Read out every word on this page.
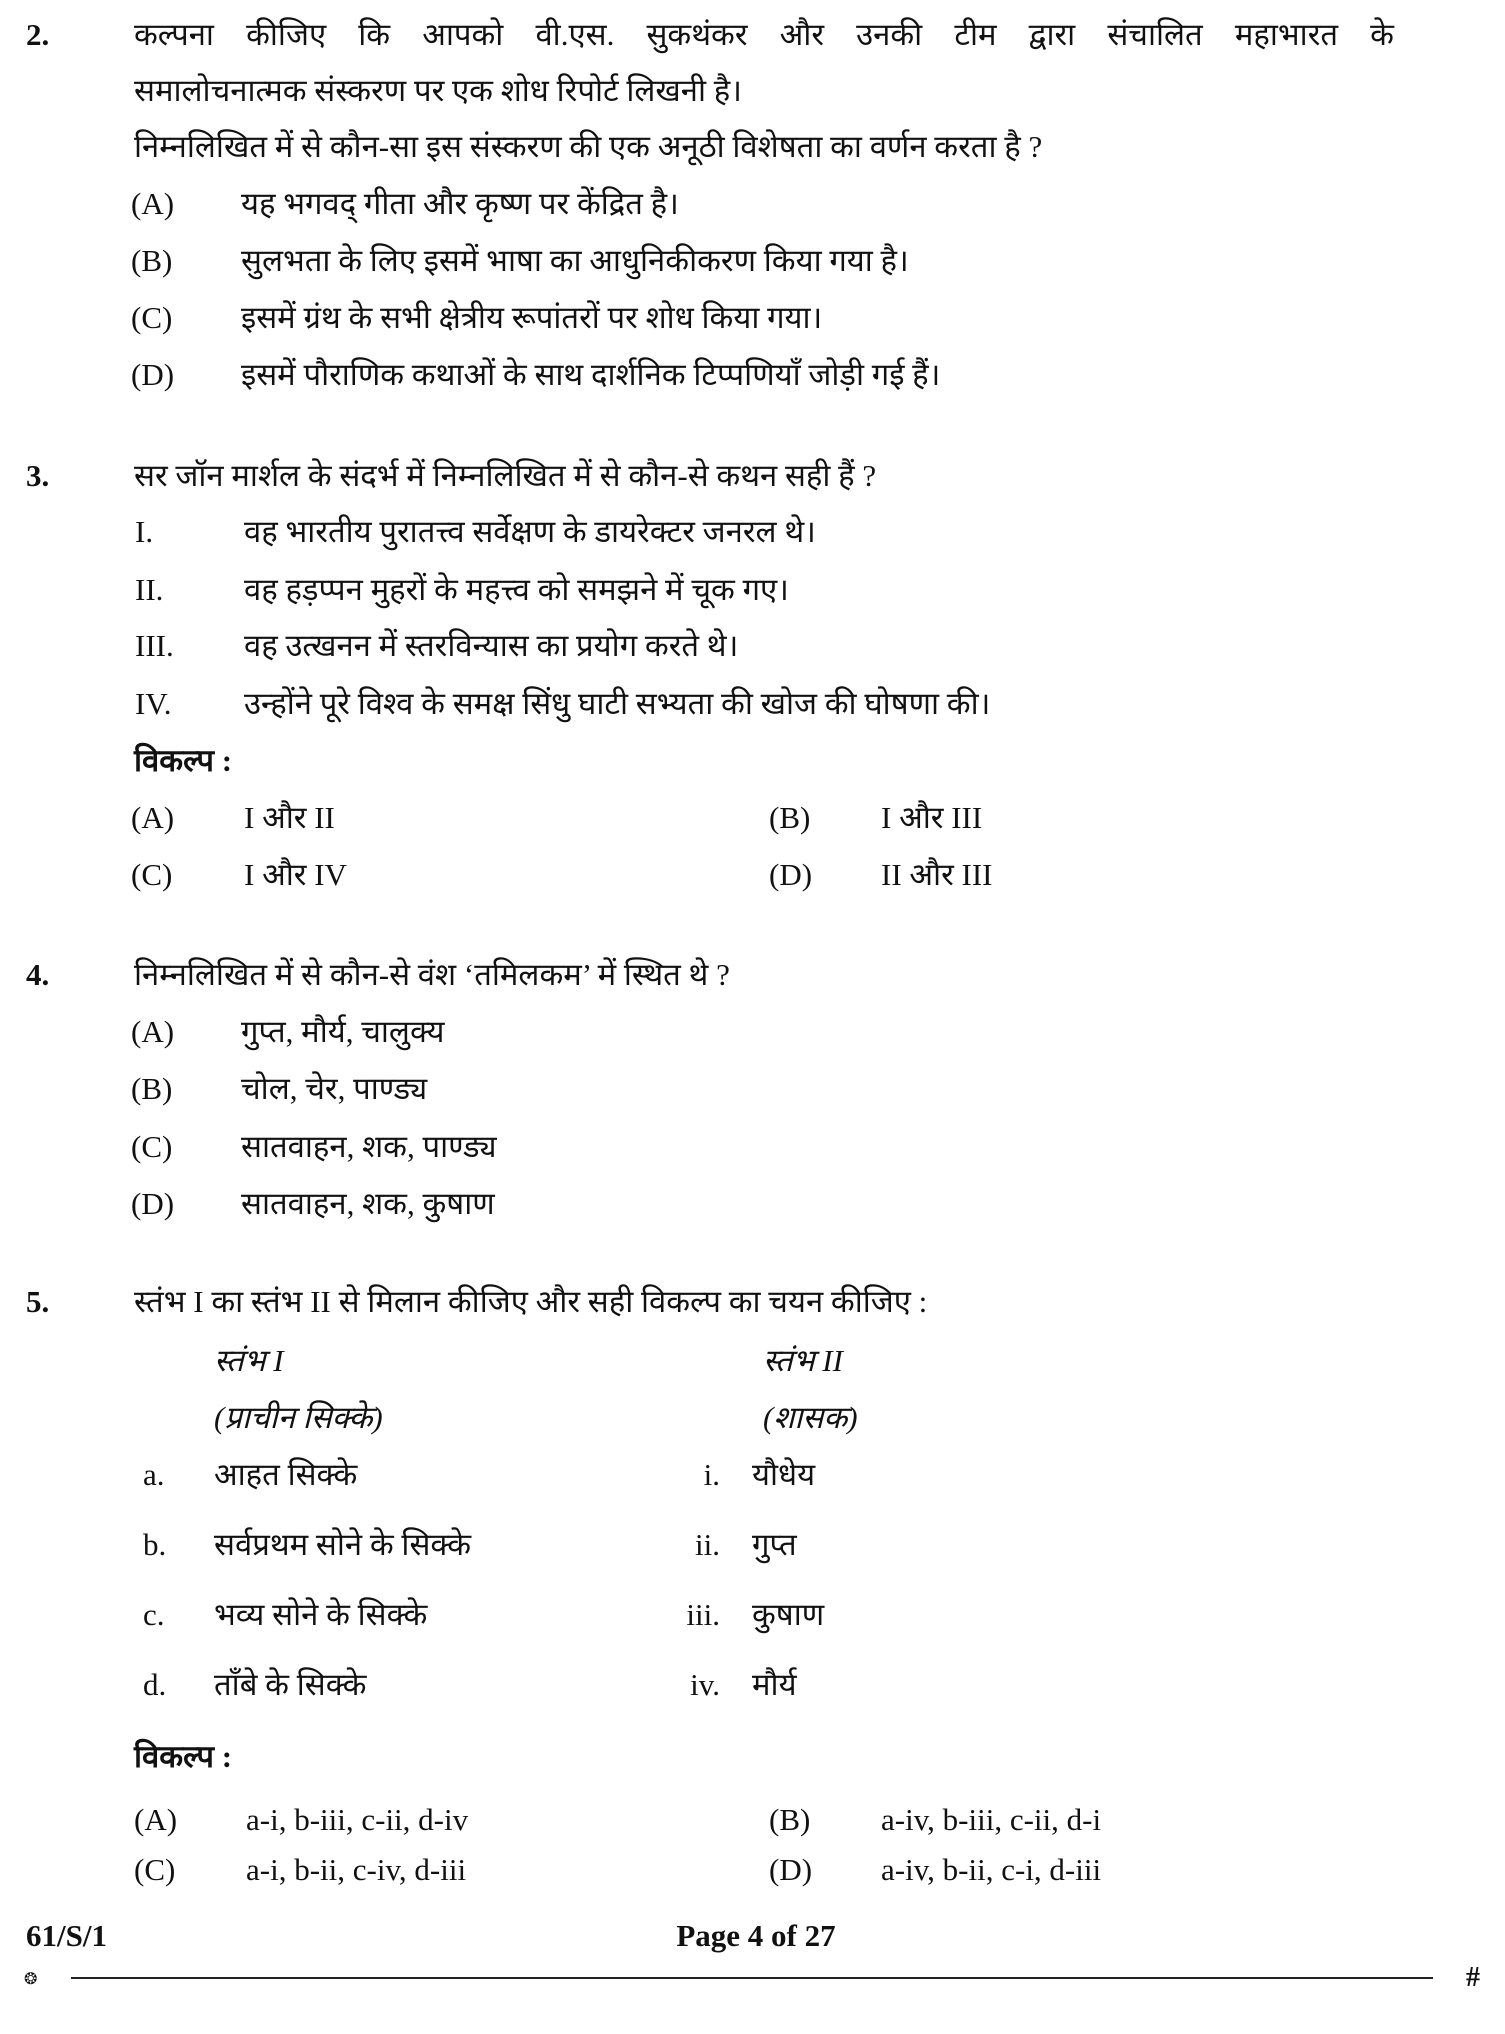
2.	कल्पना कीजिए कि आपको वी.एस. सुकथंकर और उनकी टीम द्वारा संचालित महाभारत के
समालोचनात्मक संस्करण पर एक शोध रिपोर्ट लिखनी है।
निम्नलिखित में से कौन-सा इस संस्करण की एक अनूठी विशेषता का वर्णन करता है ?
(A) यह भगवद् गीता और कृष्ण पर केंद्रित है।
(B) सुलभता के लिए इसमें भाषा का आधुनिकीकरण किया गया है।
(C) इसमें ग्रंथ के सभी क्षेत्रीय रूपांतरों पर शोध किया गया।
(D) इसमें पौराणिक कथाओं के साथ दार्शनिक टिप्पणियाँ जोड़ी गई हैं।
3.	सर जॉन मार्शल के संदर्भ में निम्नलिखित में से कौन-से कथन सही हैं ?
I.	वह भारतीय पुरातत्त्व सर्वेक्षण के डायरेक्टर जनरल थे।
II.	वह हड़प्पन मुहरों के महत्त्व को समझने में चूक गए।
III. वह उत्खनन में स्तरविन्यास का प्रयोग करते थे।
IV. उन्होंने पूरे विश्व के समक्ष सिंधु घाटी सभ्यता की खोज की घोषणा की।
विकल्प :
(A) I और II	(B) I और III
(C) I और IV	(D) II और III
4.	निम्नलिखित में से कौन-से वंश ‘तमिलकम’ में स्थित थे ?
(A) गुप्त, मौर्य, चालुक्य
(B) चोल, चेर, पाण्ड्य
(C) सातवाहन, शक, पाण्ड्य
(D) सातवाहन, शक, कुषाण
5.	स्तंभ I का स्तंभ II से मिलान कीजिए और सही विकल्प का चयन कीजिए :
स्तंभ I	स्तंभ II
(प्राचीन सिक्के)	(शासक)
a. आहत सिक्के	i. यौधेय
b. सर्वप्रथम सोने के सिक्के	ii. गुप्त
c. भव्य सोने के सिक्के	iii. कुषाण
d. ताँबे के सिक्के	iv. मौर्य
विकल्प :
(A) a-i, b-iii, c-ii, d-iv	(B) a-iv, b-iii, c-ii, d-i
(C) a-i, b-ii, c-iv, d-iii	(D) a-iv, b-ii, c-i, d-iii
61/S/1	Page 4 of 27
❂	#
